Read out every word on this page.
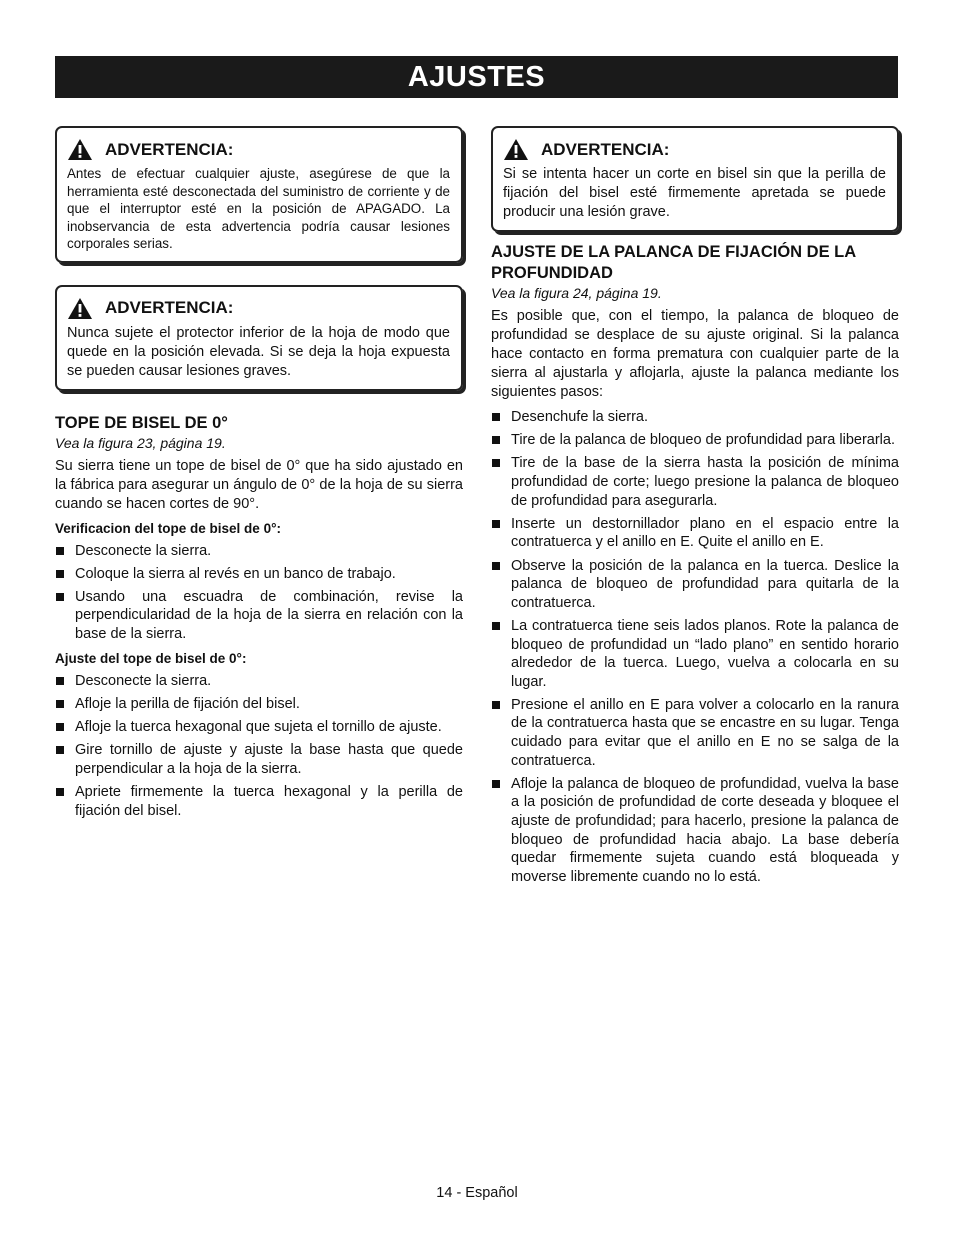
AJUSTES
ADVERTENCIA:
Antes de efectuar cualquier ajuste, asegúrese de que la herramienta esté desconectada del suministro de corriente y de que el interruptor esté en la posición de APAGADO. La inobservancia de esta advertencia podría causar lesiones corporales serias.
ADVERTENCIA:
Nunca sujete el protector inferior de la hoja de modo que quede en la posición elevada. Si se deja la hoja expuesta se pueden causar lesiones graves.
TOPE DE BISEL DE 0°
Vea la figura 23, página 19.

Su sierra tiene un tope de bisel de 0° que ha sido ajustado en la fábrica para asegurar un ángulo de 0° de la hoja de su sierra cuando se hacen cortes de 90°.

Verificacion del tope de bisel de 0°:
Desconecte la sierra.
Coloque la sierra al revés en un banco de trabajo.
Usando una escuadra de combinación, revise la perpendicularidad de la hoja de la sierra en relación con la base de la sierra.
Ajuste del tope de bisel de 0°:
Desconecte la sierra.
Afloje la perilla de fijación del bisel.
Afloje la tuerca hexagonal que sujeta el tornillo de ajuste.
Gire tornillo de ajuste y ajuste la base hasta que quede perpendicular a la hoja de la sierra.
Apriete firmemente la tuerca hexagonal y la perilla de fijación del bisel.
ADVERTENCIA:
Si se intenta hacer un corte en bisel sin que la perilla de fijación del bisel esté firmemente apretada se puede producir una lesión grave.
AJUSTE DE LA PALANCA DE FIJACIÓN DE LA PROFUNDIDAD
Vea la figura 24, página 19.

Es posible que, con el tiempo, la palanca de bloqueo de profundidad se desplace de su ajuste original. Si la palanca hace contacto en forma prematura con cualquier parte de la sierra al ajustarla y aflojarla, ajuste la palanca mediante los siguientes pasos:

Desenchufe la sierra.
Tire de la palanca de bloqueo de profundidad para liberarla.
Tire de la base de la sierra hasta la posición de mínima profundidad de corte; luego presione la palanca de bloqueo de profundidad para asegurarla.
Inserte un destornillador plano en el espacio entre la contratuerca y el anillo en E. Quite el anillo en E.
Observe la posición de la palanca en la tuerca. Deslice la palanca de bloqueo de profundidad para quitarla de la contratuerca.
La contratuerca tiene seis lados planos. Rote la palanca de bloqueo de profundidad un “lado plano” en sentido horario alrededor de la tuerca. Luego, vuelva a colocarla en su lugar.
Presione el anillo en E para volver a colocarlo en la ranura de la contratuerca hasta que se encastre en su lugar. Tenga cuidado para evitar que el anillo en E no se salga de la contratuerca.
Afloje la palanca de bloqueo de profundidad, vuelva la base a la posición de profundidad de corte deseada y bloquee el ajuste de profundidad; para hacerlo, presione la palanca de bloqueo de profundidad hacia abajo. La base debería quedar firmemente sujeta cuando está bloqueada y moverse libremente cuando no lo está.
14 - Español
